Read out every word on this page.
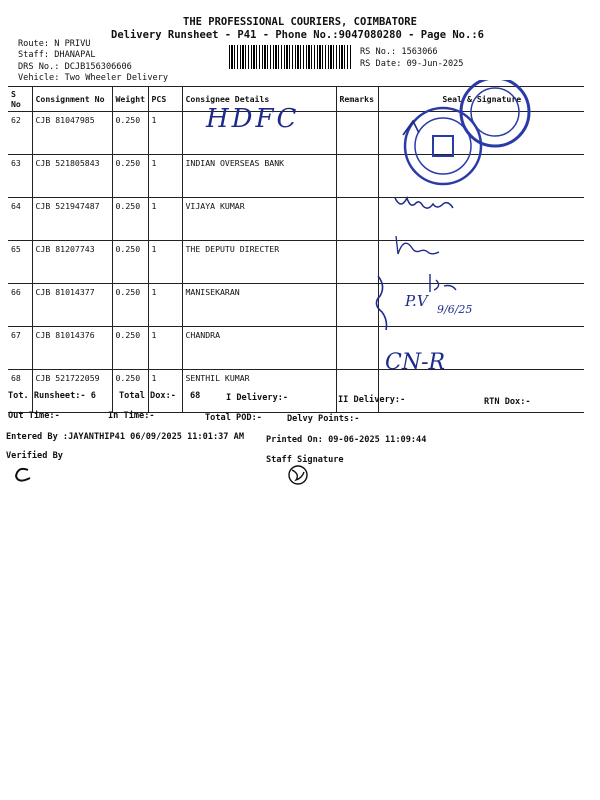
THE PROFESSIONAL COURIERS, COIMBATORE
Delivery Runsheet - P41 - Phone No.:9047080280 - Page No.:6
Route: N PRIVU
Staff: DHANAPAL
DRS No.: DCJB156306606
Vehicle: Two Wheeler Delivery
RS No.: 1563066
RS Date: 09-Jun-2025
S No	Consignment No	Weight	PCS	Consignee Details	Remarks	Seal & Signature
62	CJB 81047985	0.250	1			
63	CJB 521805843	0.250	1	INDIAN OVERSEAS BANK		
64	CJB 521947487	0.250	1	VIJAYA KUMAR		
65	CJB 81207743	0.250	1	THE DEPUTU DIRECTER		
66	CJB 81014377	0.250	1	MANISEKARAN		
67	CJB 81014376	0.250	1	CHANDRA		
68	CJB 521722059	0.250	1	SENTHIL KUMAR		
HDFC
P.V 9/6/25
CN-R
Tot. Runsheet:- 6	Total Dox:- 68	I Delivery:-	II Delivery:-	RTN Dox:-
Out Time:-	In Time:-	Total POD:-	Delvy Points:-
Entered By :JAYANTHIP41 06/09/2025 11:01:37 AM	Printed On: 09-06-2025 11:09:44
Verified By	Staff Signature
